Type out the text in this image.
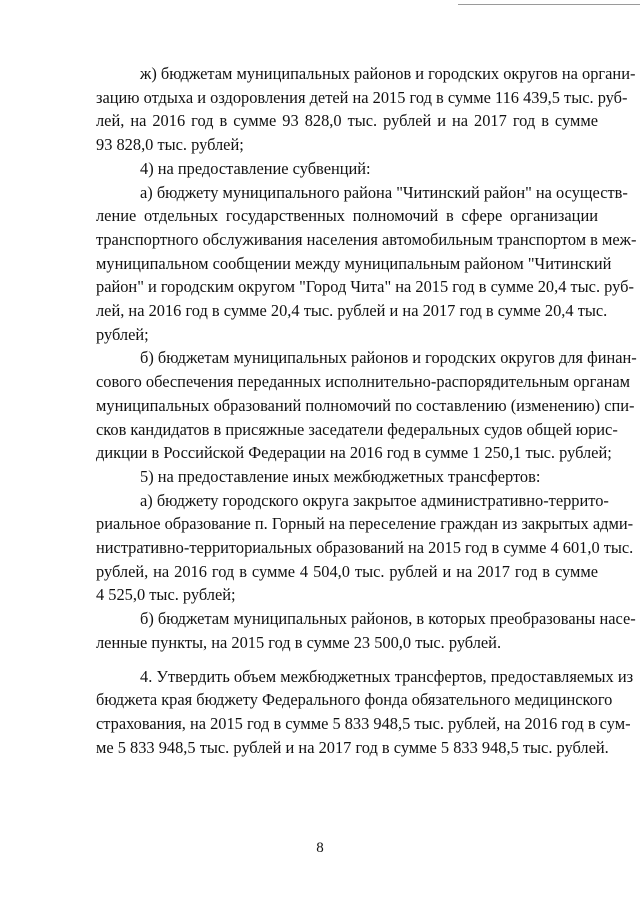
ж) бюджетам муниципальных районов и городских округов на органи-
зацию отдыха и оздоровления детей на 2015 год в сумме 116 439,5 тыс. руб-
лей, на 2016 год в сумме 93 828,0 тыс. рублей и на 2017 год в сумме
93 828,0 тыс. рублей;
4) на предоставление субвенций:
а) бюджету муниципального района "Читинский район" на осуществ-
ление отдельных государственных полномочий в сфере организации
транспортного обслуживания населения автомобильным транспортом в меж-
муниципальном сообщении между муниципальным районом "Читинский
район" и городским округом "Город Чита" на 2015 год в сумме 20,4 тыс. руб-
лей, на 2016 год в сумме 20,4 тыс. рублей и на 2017 год в сумме 20,4 тыс.
рублей;
б) бюджетам муниципальных районов и городских округов для финан-
сового обеспечения переданных исполнительно-распорядительным органам
муниципальных образований полномочий по составлению (изменению) спи-
сков кандидатов в присяжные заседатели федеральных судов общей юрис-
дикции в Российской Федерации на 2016 год в сумме 1 250,1 тыс. рублей;
5) на предоставление иных межбюджетных трансфертов:
а) бюджету городского округа закрытое административно-террито-
риальное образование п. Горный на переселение граждан из закрытых адми-
нистративно-территориальных образований на 2015 год в сумме 4 601,0 тыс.
рублей, на 2016 год в сумме 4 504,0 тыс. рублей и на 2017 год в сумме
4 525,0 тыс. рублей;
б) бюджетам муниципальных районов, в которых преобразованы насе-
ленные пункты, на 2015 год в сумме 23 500,0 тыс. рублей.
4. Утвердить объем межбюджетных трансфертов, предоставляемых из
бюджета края бюджету Федерального фонда обязательного медицинского
страхования, на 2015 год в сумме 5 833 948,5 тыс. рублей, на 2016 год в сум-
ме 5 833 948,5 тыс. рублей и на 2017 год в сумме 5 833 948,5 тыс. рублей.
8
